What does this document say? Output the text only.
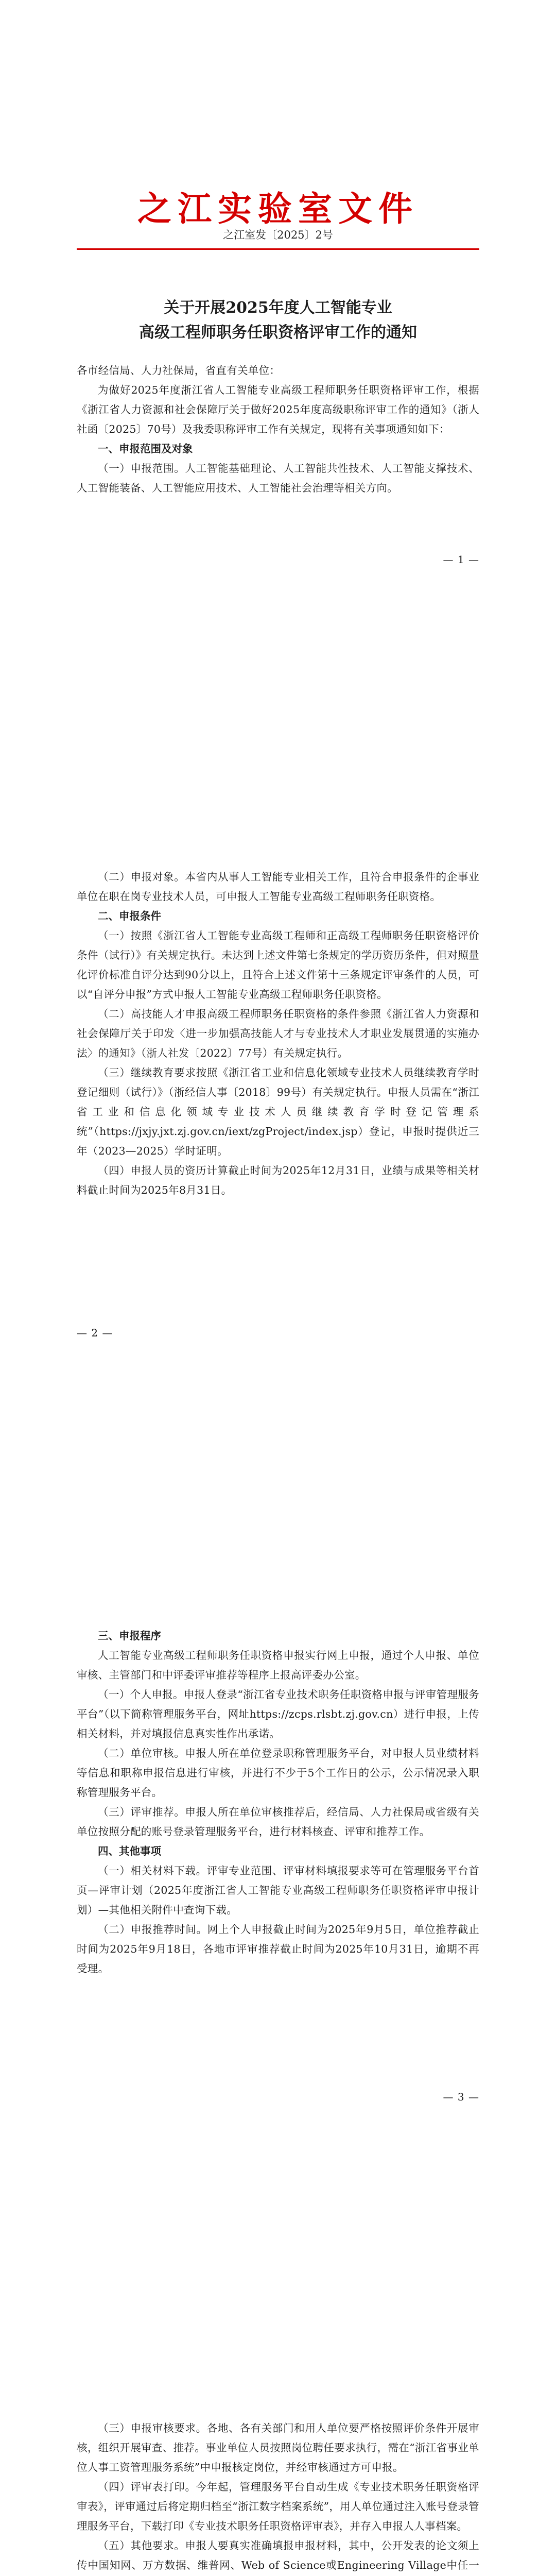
之江实验室文件
之江室发〔2025〕2号
关于开展2025年度人工智能专业
高级工程师职务任职资格评审工作的通知

各市经信局、人力社保局，省直有关单位：

为做好2025年度浙江省人工智能专业高级工程师职务任职资格评审工作，根据《浙江省人力资源和社会保障厅关于做好2025年度高级职称评审工作的通知》（浙人社函〔2025〕70号）及我委职称评审工作有关规定，现将有关事项通知如下：

一、申报范围及对象

（一）申报范围。人工智能基础理论、人工智能共性技术、人工智能支撑技术、人工智能装备、人工智能应用技术、人工智能社会治理等相关方向。

— 1 —

（二）申报对象。本省内从事人工智能专业相关工作，且符合申报条件的企事业单位在职在岗专业技术人员，可申报人工智能专业高级工程师职务任职资格。

二、申报条件

（一）按照《浙江省人工智能专业高级工程师和正高级工程师职务任职资格评价条件（试行）》有关规定执行。未达到上述文件第七条规定的学历资历条件，但对照量化评价标准自评分达到90分以上，且符合上述文件第十三条规定评审条件的人员，可以“自评分申报”方式申报人工智能专业高级工程师职务任职资格。

（二）高技能人才申报高级工程师职务任职资格的条件参照《浙江省人力资源和社会保障厅关于印发〈进一步加强高技能人才与专业技术人才职业发展贯通的实施办法〉的通知》（浙人社发〔2022〕77号）有关规定执行。

（三）继续教育要求按照《浙江省工业和信息化领域专业技术人员继续教育学时登记细则（试行）》（浙经信人事〔2018〕99号）有关规定执行。申报人员需在“浙江省工业和信息化领域专业技术人员继续教育学时登记管理系统”（https://jxjy.jxt.zj.gov.cn/iext/zgProject/index.jsp）登记，申报时提供近三年（2023—2025）学时证明。

（四）申报人员的资历计算截止时间为2025年12月31日，业绩与成果等相关材料截止时间为2025年8月31日。

— 2 —

三、申报程序

人工智能专业高级工程师职务任职资格申报实行网上申报，通过个人申报、单位审核、主管部门和中评委评审推荐等程序上报高评委办公室。

（一）个人申报。申报人登录“浙江省专业技术职务任职资格申报与评审管理服务平台”（以下简称管理服务平台，网址https://zcps.rlsbt.zj.gov.cn）进行申报，上传相关材料，并对填报信息真实性作出承诺。

（二）单位审核。申报人所在单位登录职称管理服务平台，对申报人员业绩材料等信息和职称申报信息进行审核，并进行不少于5个工作日的公示，公示情况录入职称管理服务平台。

（三）评审推荐。申报人所在单位审核推荐后，经信局、人力社保局或省级有关单位按照分配的账号登录管理服务平台，进行材料核查、评审和推荐工作。

四、其他事项

（一）相关材料下载。评审专业范围、评审材料填报要求等可在管理服务平台首页—评审计划（2025年度浙江省人工智能专业高级工程师职务任职资格评审申报计划）—其他相关附件中查询下载。

（二）申报推荐时间。网上个人申报截止时间为2025年9月5日，单位推荐截止时间为2025年9月18日，各地市评审推荐截止时间为2025年10月31日，逾期不再受理。

— 3 —

（三）申报审核要求。各地、各有关部门和用人单位要严格按照评价条件开展审核，组织开展审查、推荐。事业单位人员按照岗位聘任要求执行，需在“浙江省事业单位人事工资管理服务系统”中申报核定岗位，并经审核通过方可申报。

（四）评审表打印。今年起，管理服务平台自动生成《专业技术职务任职资格评审表》，评审通过后将定期归档至“浙江数字档案系统”，用人单位通过注入账号登录管理服务平台，下载打印《专业技术职务任职资格评审表》，并存入申报人人事档案。

（五）其他要求。申报人要真实准确填报申报材料，其中，公开发表的论文须上传中国知网、万方数据、维普网、Web of Science或Engineering Village中任一
